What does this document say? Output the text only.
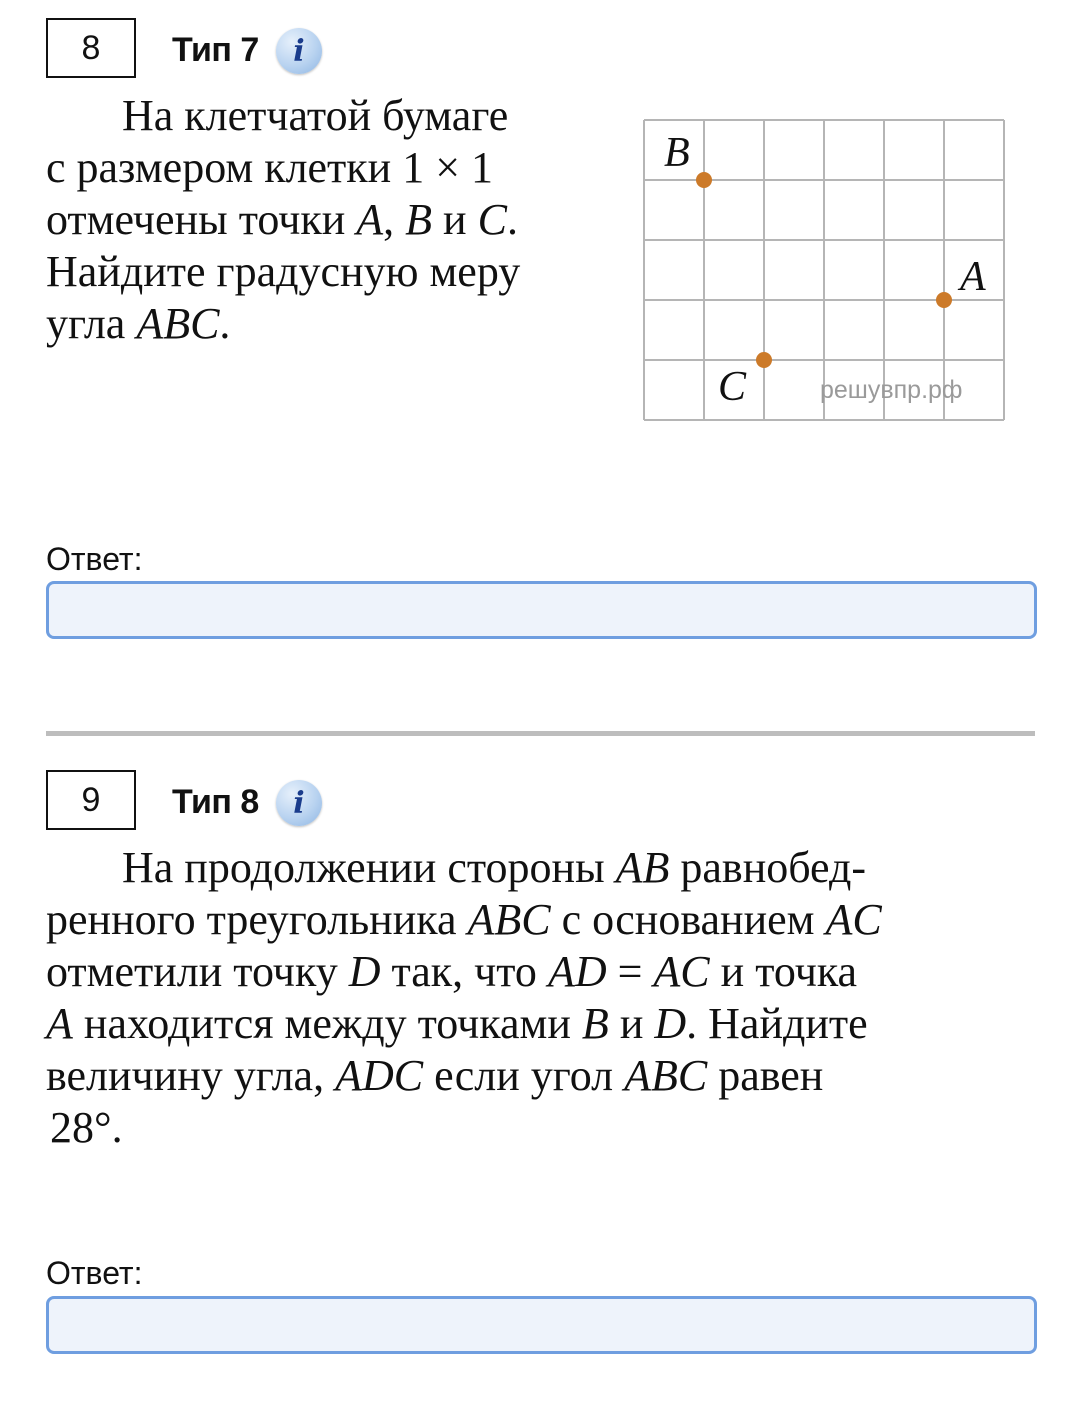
8	Тип 7	i
На клетчатой бумаге
с размером клетки 1 × 1
отмечены точки A, B и C.
Найдите градусную меру
угла ABC.
решувпр.рф
B
A
C
Ответ:
9	Тип 8	i
На продолжении стороны AB равнобед-
ренного треугольника ABC с основанием AC
отметили точку D так, что AD = AC и точка
A находится между точками B и D. Найдите
величину угла, ADC если угол ABC равен
28°.
Ответ:
